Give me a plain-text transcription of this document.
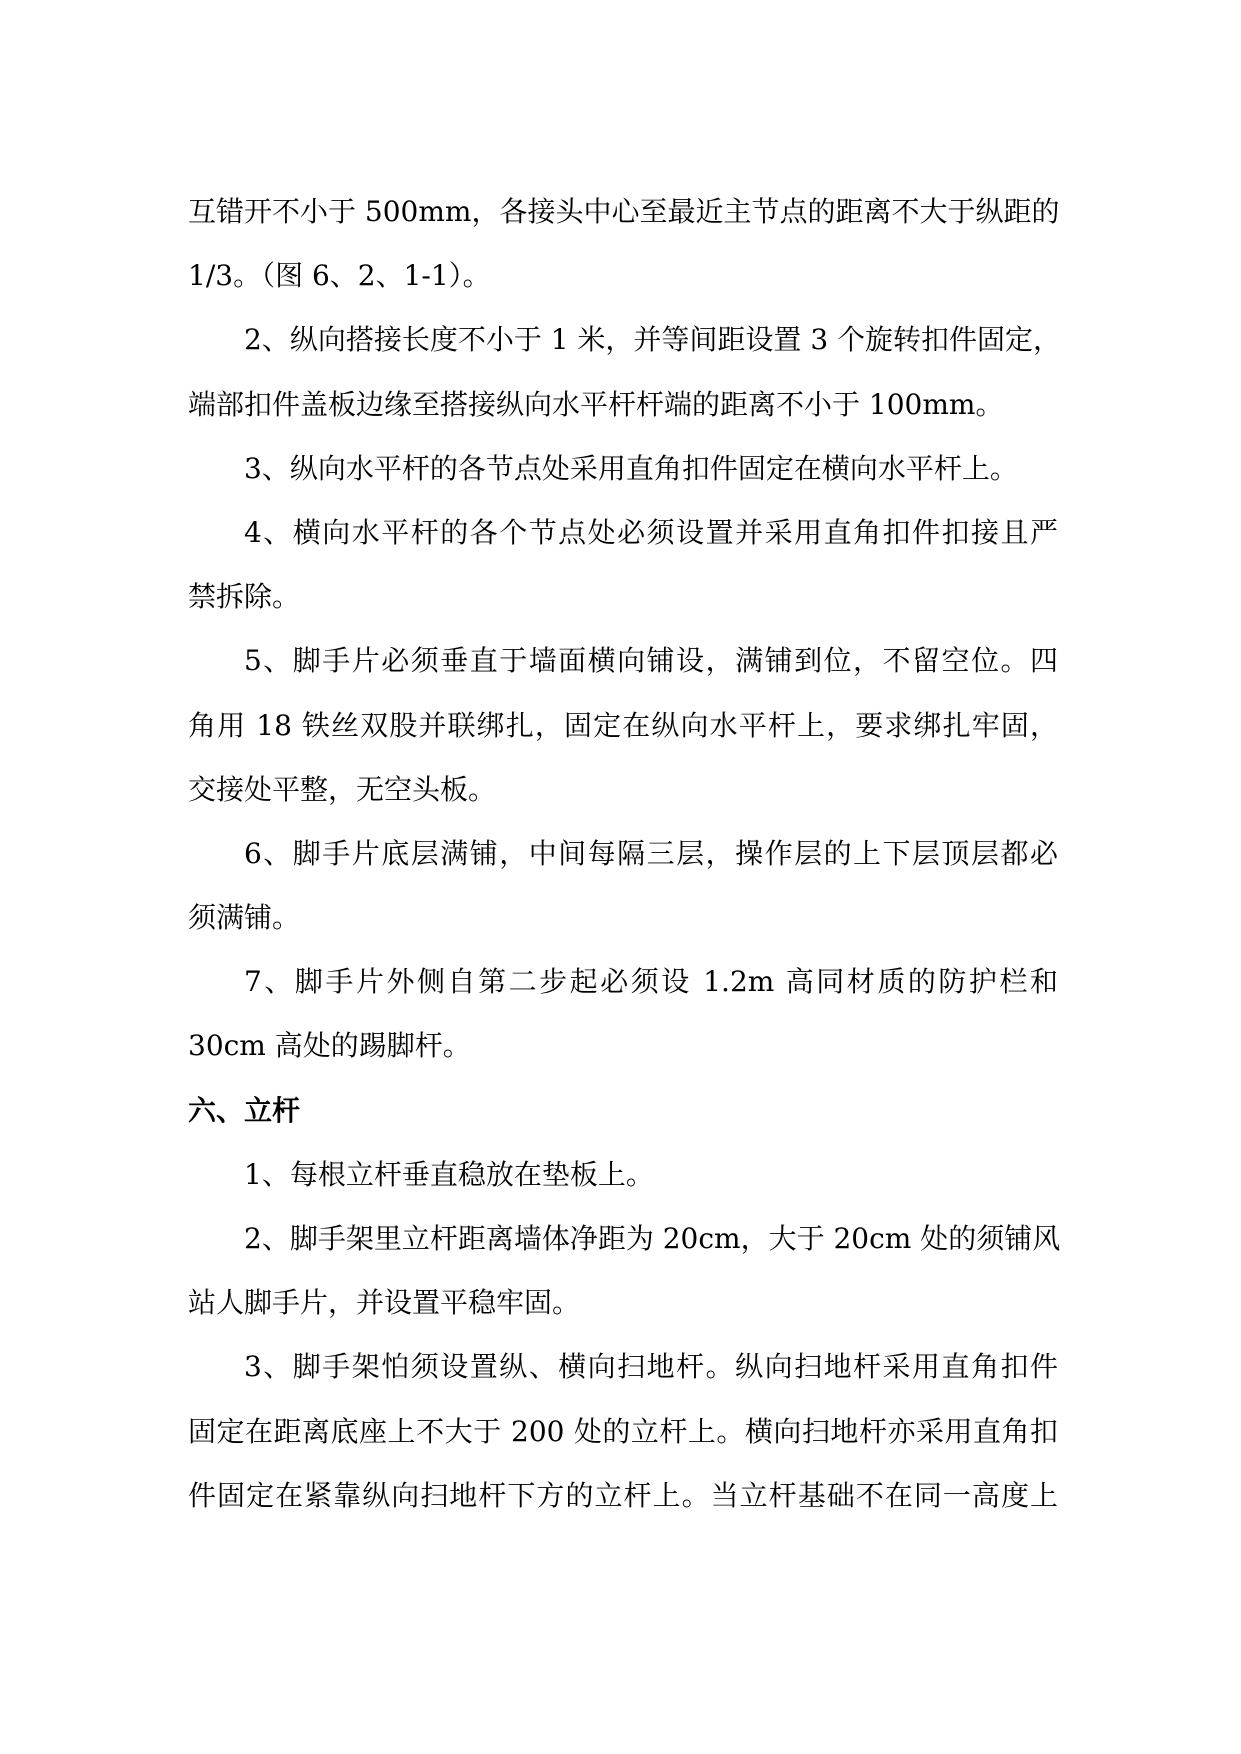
互错开不小于 500mm，各接头中心至最近主节点的距离不大于纵距的
1/3。（图 6、2、1-1）。
2、纵向搭接长度不小于 1 米，并等间距设置 3 个旋转扣件固定，
端部扣件盖板边缘至搭接纵向水平杆杆端的距离不小于 100mm。
3、纵向水平杆的各节点处采用直角扣件固定在横向水平杆上。
4、横向水平杆的各个节点处必须设置并采用直角扣件扣接且严
禁拆除。
5、脚手片必须垂直于墙面横向铺设，满铺到位，不留空位。四
角用 18 铁丝双股并联绑扎，固定在纵向水平杆上，要求绑扎牢固，
交接处平整，无空头板。
6、脚手片底层满铺，中间每隔三层，操作层的上下层顶层都必
须满铺。
7、脚手片外侧自第二步起必须设 1.2m 高同材质的防护栏和
30cm 高处的踢脚杆。
六、立杆
1、每根立杆垂直稳放在垫板上。
2、脚手架里立杆距离墙体净距为 20cm，大于 20cm 处的须铺风
站人脚手片，并设置平稳牢固。
3、脚手架怕须设置纵、横向扫地杆。纵向扫地杆采用直角扣件
固定在距离底座上不大于 200 处的立杆上。横向扫地杆亦采用直角扣
件固定在紧靠纵向扫地杆下方的立杆上。当立杆基础不在同一高度上
